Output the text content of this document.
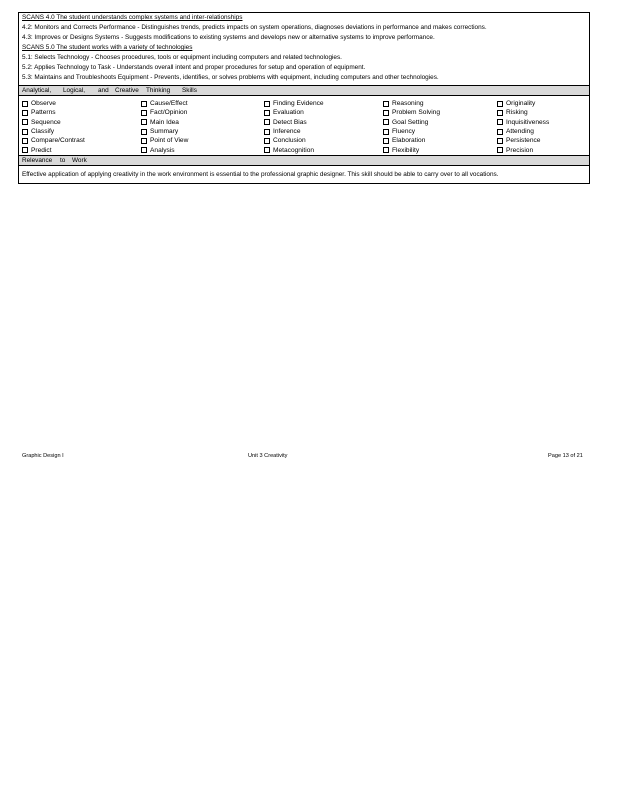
SCANS 4.0 The student understands complex systems and inter-relationships
4.2: Monitors and Corrects Performance - Distinguishes trends, predicts impacts on system operations, diagnoses deviations in performance and makes corrections.
4.3: Improves or Designs Systems - Suggests modifications to existing systems and develops new or alternative systems to improve performance.
SCANS 5.0 The student works with a variety of technologies
5.1: Selects Technology - Chooses procedures, tools or equipment including computers and related technologies.
5.2: Applies Technology to Task - Understands overall intent and proper procedures for setup and operation of equipment.
5.3: Maintains and Troubleshoots Equipment - Prevents, identifies, or solves problems with equipment, including computers and other technologies.
Analytical, Logical, and Creative Thinking Skills
Observe
Patterns
Sequence
Classify
Compare/Contrast
Predict
Cause/Effect
Fact/Opinion
Main Idea
Summary
Point of View
Analysis
Finding Evidence
Evaluation
Detect Bias
Inference
Conclusion
Metacognition
Reasoning
Problem Solving
Goal Setting
Fluency
Elaboration
Flexibility
Originality
Risking
Inquisitiveness
Attending
Persistence
Precision
Relevance to Work
Effective application of applying creativity in the work environment is essential to the professional graphic designer. This skill should be able to carry over to all vocations.
Graphic Design I	Unit 3 Creativity	Page 13 of 21
